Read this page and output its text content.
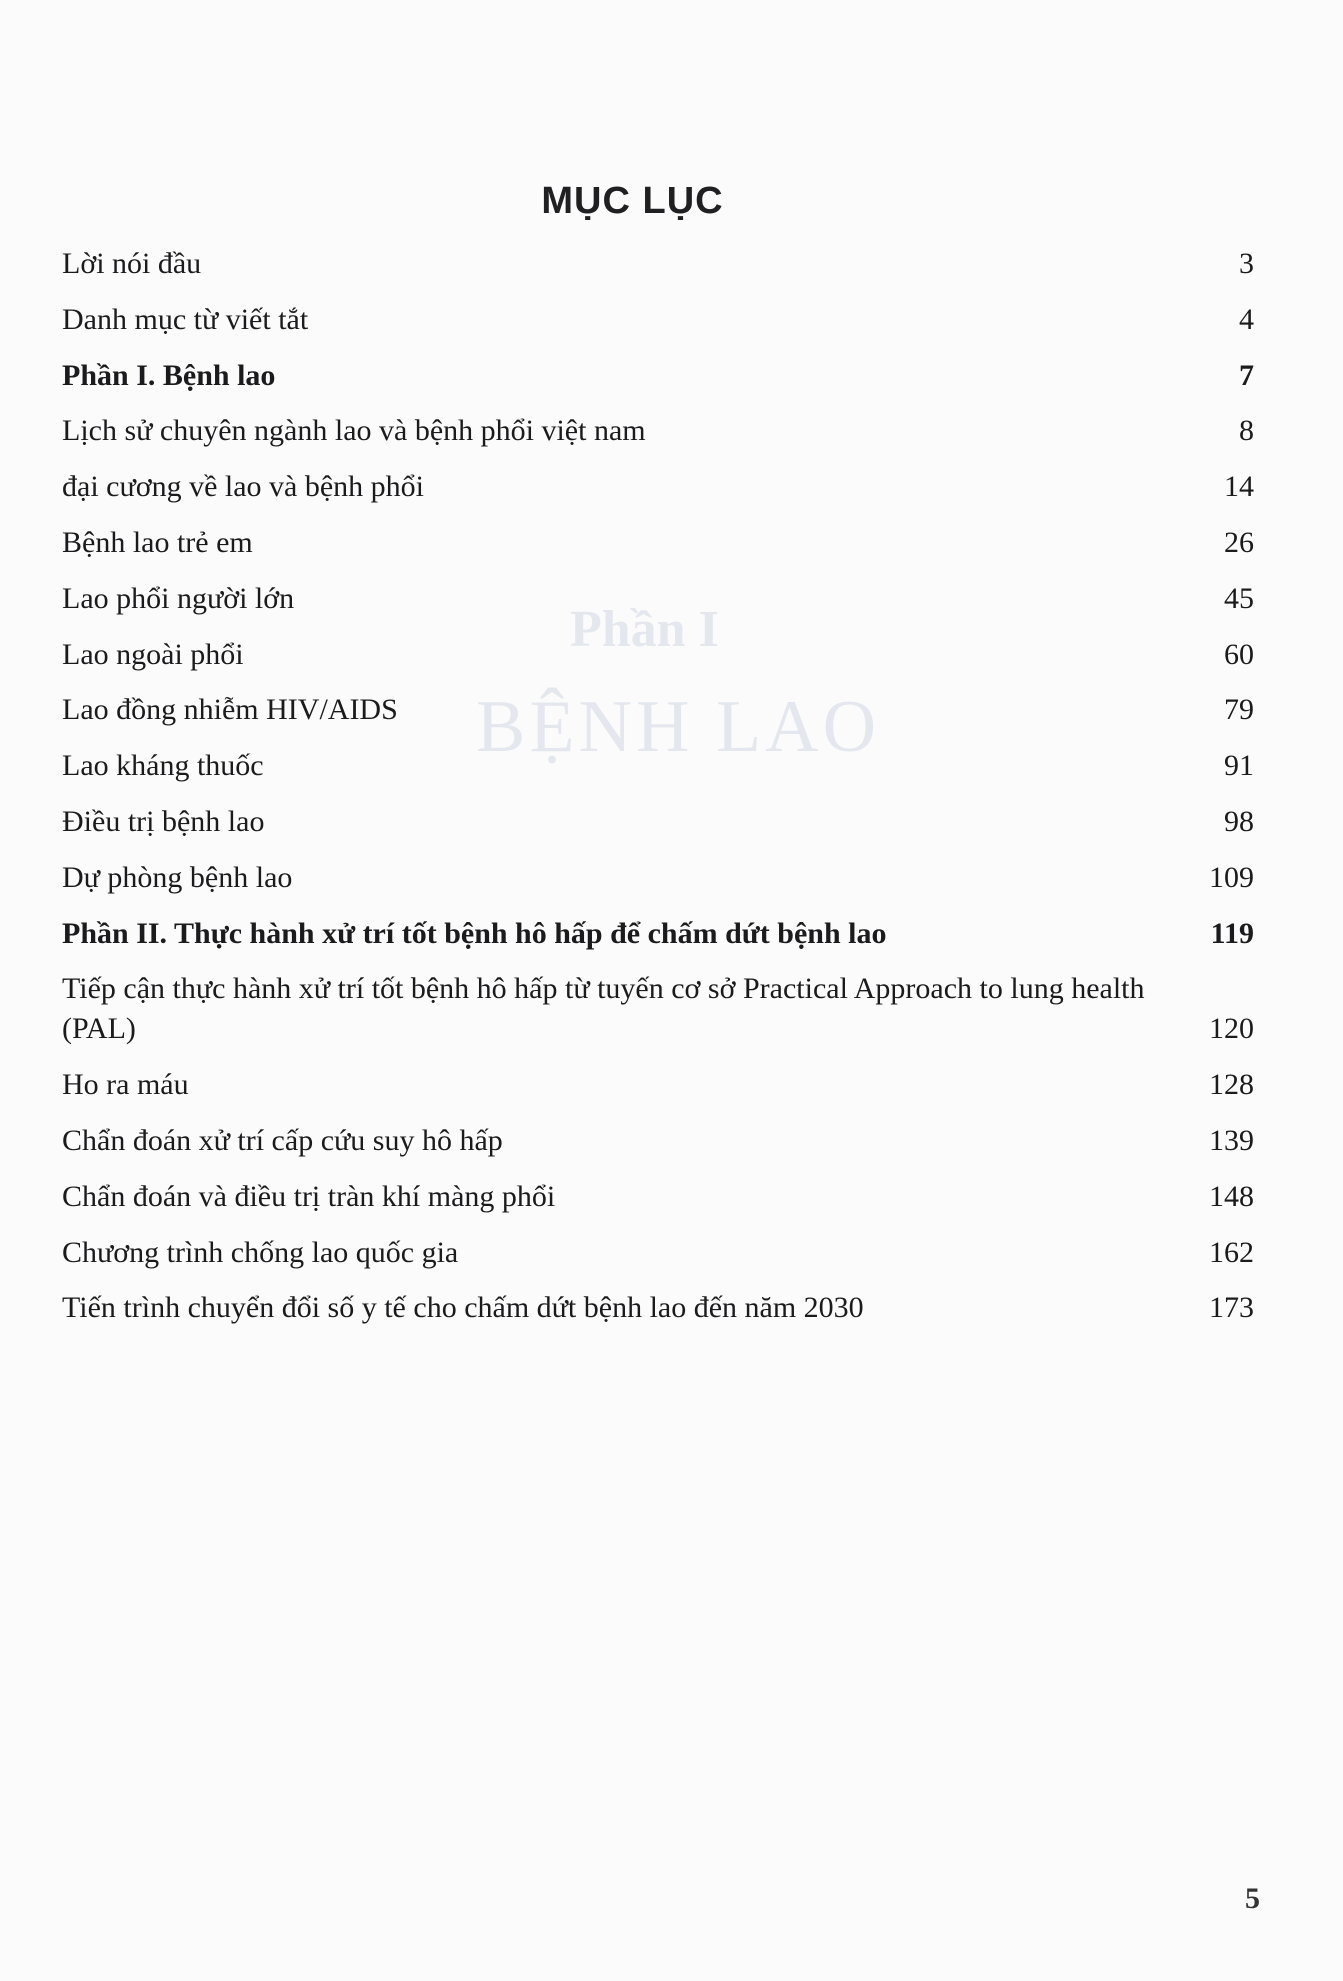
Phần I
BỆNH LAO
MỤC LỤC
Lời nói đầu	3
Danh mục từ viết tắt	4
Phần I. Bệnh lao	7
Lịch sử chuyên ngành lao và bệnh phổi việt nam	8
đại cương về lao và bệnh phổi	14
Bệnh lao trẻ em	26
Lao phổi người lớn	45
Lao ngoài phổi	60
Lao đồng nhiễm HIV/AIDS	79
Lao kháng thuốc	91
Điều trị bệnh lao	98
Dự phòng bệnh lao	109
Phần II. Thực hành xử trí tốt bệnh hô hấp để chấm dứt bệnh lao	119
Tiếp cận thực hành xử trí tốt bệnh hô hấp từ tuyến cơ sở Practical Approach to lung health (PAL)	120
Ho ra máu	128
Chẩn đoán xử trí cấp cứu suy hô hấp	139
Chẩn đoán và điều trị tràn khí màng phổi	148
Chương trình chống lao quốc gia	162
Tiến trình chuyển đổi số y tế cho chấm dứt bệnh lao đến năm 2030	173
5
